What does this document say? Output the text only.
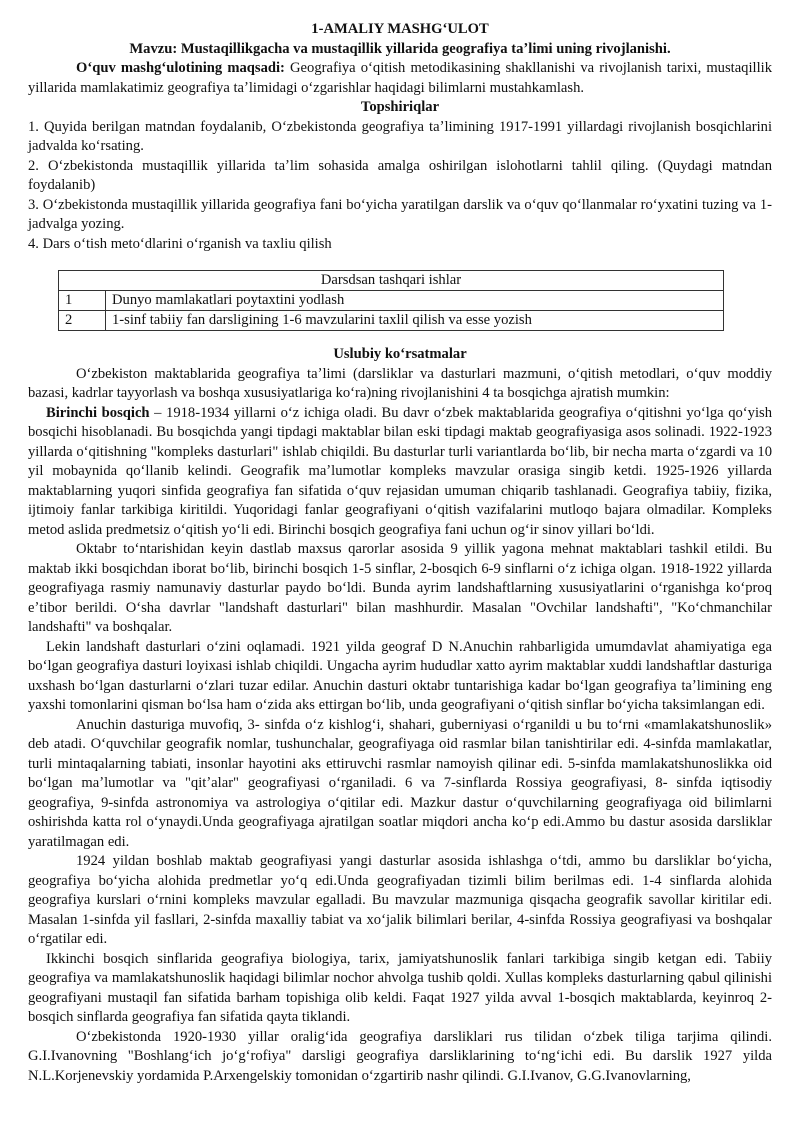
1-AMALIY MASHGʻULOT

Mavzu: Mustaqillikgacha va mustaqillik yillarida geografiya taʼlimi uning rivojlanishi.

Oʻquv mashgʻulotining maqsadi: Geografiya oʻqitish metodikasining shakllanishi va rivojlanish tarixi, mustaqillik yillarida mamlakatimiz geografiya taʼlimidagi oʻzgarishlar haqidagi bilimlarni mustahkamlash.

Topshiriqlar

1. Quyida berilgan matndan foydalanib, Oʻzbekistonda geografiya taʼlimining 1917-1991 yillardagi rivojlanish bosqichlarini jadvalda koʻrsating.

2. Oʻzbekistonda mustaqillik yillarida taʼlim sohasida amalga oshirilgan islohotlarni tahlil qiling. (Quydagi matndan foydalanib)

3. Oʻzbekistonda mustaqillik yillarida geografiya fani boʻyicha yaratilgan darslik va oʻquv qoʻllanmalar roʻyxatini tuzing va 1-jadvalga yozing.

4. Dars oʻtish metoʻdlarini oʻrganish va taxliu qilish

Darsdsan tashqari ishlar	
1	Dunyo mamlakatlari poytaxtini yodlash
2	1-sinf tabiiy fan darsligining 1-6 mavzularini taxlil qilish va esse yozish

Uslubiy koʻrsatmalar

Oʻzbekiston maktablarida geografiya taʼlimi (darsliklar va dasturlari mazmuni, oʻqitish metodlari, oʻquv moddiy bazasi, kadrlar tayyorlash va boshqa xususiyatlariga koʻra)ning rivojlanishini 4 ta bosqichga ajratish mumkin:

Birinchi bosqich – 1918-1934 yillarni oʻz ichiga oladi. Bu davr oʻzbek maktablarida geografiya oʻqitishni yoʻlga qoʻyish bosqichi hisoblanadi. Bu bosqichda yangi tipdagi maktablar bilan eski tipdagi maktab geografiyasiga asos solinadi. 1922-1923 yillarda oʻqitishning "kompleks dasturlari" ishlab chiqildi. Bu dasturlar turli variantlarda boʻlib, bir necha marta oʻzgardi va 10 yil mobaynida qoʻllanib kelindi. Geografik maʼlumotlar kompleks mavzular orasiga singib ketdi. 1925-1926 yillarda maktablarning yuqori sinfida geografiya fan sifatida oʻquv rejasidan umuman chiqarib tashlanadi. Geografiya tabiiy, fizika, ijtimoiy fanlar tarkibiga kiritildi. Yuqoridagi fanlar geografiyani oʻqitish vazifalarini mutloqo bajara olmadilar. Kompleks metod aslida predmetsiz oʻqitish yoʻli edi. Birinchi bosqich geografiya fani uchun ogʻir sinov yillari boʻldi.

Oktabr toʻntarishidan keyin dastlab maxsus qarorlar asosida 9 yillik yagona mehnat maktablari tashkil etildi. Bu maktab ikki bosqichdan iborat boʻlib, birinchi bosqich 1-5 sinflar, 2-bosqich 6-9 sinflarni oʻz ichiga olgan. 1918-1922 yillarda geografiyaga rasmiy namunaviy dasturlar paydo boʻldi. Bunda ayrim landshaftlarning xususiyatlarini oʻrganishga koʻproq eʼtibor berildi. Oʻsha davrlar "landshaft dasturlari" bilan mashhurdir. Masalan "Ovchilar landshafti", "Koʻchmanchilar landshafti" va boshqalar.

Lekin landshaft dasturlari oʻzini oqlamadi. 1921 yilda geograf D N.Anuchin rahbarligida umumdavlat ahamiyatiga ega boʻlgan geografiya dasturi loyixasi ishlab chiqildi. Ungacha ayrim hududlar xatto ayrim maktablar xuddi landshaftlar dasturiga uxshash boʻlgan dasturlarni oʻzlari tuzar edilar. Anuchin dasturi oktabr tuntarishiga kadar boʻlgan geografiya taʼlimining eng yaxshi tomonlarini qisman boʻlsa ham oʻzida aks ettirgan boʻlib, unda geografiyani oʻqitish sinflar boʻyicha taksimlangan edi.

Anuchin dasturiga muvofiq, 3- sinfda oʻz kishlogʻi, shahari, guberniyasi oʻrganildi u bu toʻrni «mamlakatshunoslik» deb atadi. Oʻquvchilar geografik nomlar, tushunchalar, geografiyaga oid rasmlar bilan tanishtirilar edi. 4-sinfda mamlakatlar, turli mintaqalarning tabiati, insonlar hayotini aks ettiruvchi rasmlar namoyish qilinar edi. 5-sinfda mamlakatshunoslikka oid boʻlgan maʼlumotlar va "qitʼalar" geografiyasi oʻrganiladi. 6 va 7-sinflarda Rossiya geografiyasi, 8- sinfda iqtisodiy geografiya, 9-sinfda astronomiya va astrologiya oʻqitilar edi. Mazkur dastur oʻquvchilarning geografiyaga oid bilimlarni oshirishda katta rol oʻynaydi.Unda geografiyaga ajratilgan soatlar miqdori ancha koʻp edi.Ammo bu dastur asosida darsliklar yaratilmagan edi.

1924 yildan boshlab maktab geografiyasi yangi dasturlar asosida ishlashga oʻtdi, ammo bu darsliklar boʻyicha, geografiya boʻyicha alohida predmetlar yoʻq edi.Unda geografiyadan tizimli bilim berilmas edi. 1-4 sinflarda alohida geografiya kurslari oʻrnini kompleks mavzular egalladi. Bu mavzular mazmuniga qisqacha geografik savollar kiritilar edi. Masalan 1-sinfda yil fasllari, 2-sinfda maxalliy tabiat va xoʻjalik bilimlari berilar, 4-sinfda Rossiya geografiyasi va boshqalar oʻrgatilar edi.

Ikkinchi bosqich sinflarida geografiya biologiya, tarix, jamiyatshunoslik fanlari tarkibiga singib ketgan edi. Tabiiy geografiya va mamlakatshunoslik haqidagi bilimlar nochor ahvolga tushib qoldi. Xullas kompleks dasturlarning qabul qilinishi geografiyani mustaqil fan sifatida barham topishiga olib keldi. Faqat 1927 yilda avval 1-bosqich maktablarda, keyinroq 2-bosqich sinflarda geografiya fan sifatida qayta tiklandi.

Oʻzbekistonda 1920-1930 yillar oraligʻida geografiya darsliklari rus tilidan oʻzbek tiliga tarjima qilindi. G.I.Ivanovning "Boshlangʻich joʻgʻrofiya" darsligi geografiya darsliklarining toʻngʻichi edi. Bu darslik 1927 yilda N.L.Korjenevskiy yordamida P.Arxengelskiy tomonidan oʻzgartirib nashr qilindi. G.I.Ivanov, G.G.Ivanovlarning,
